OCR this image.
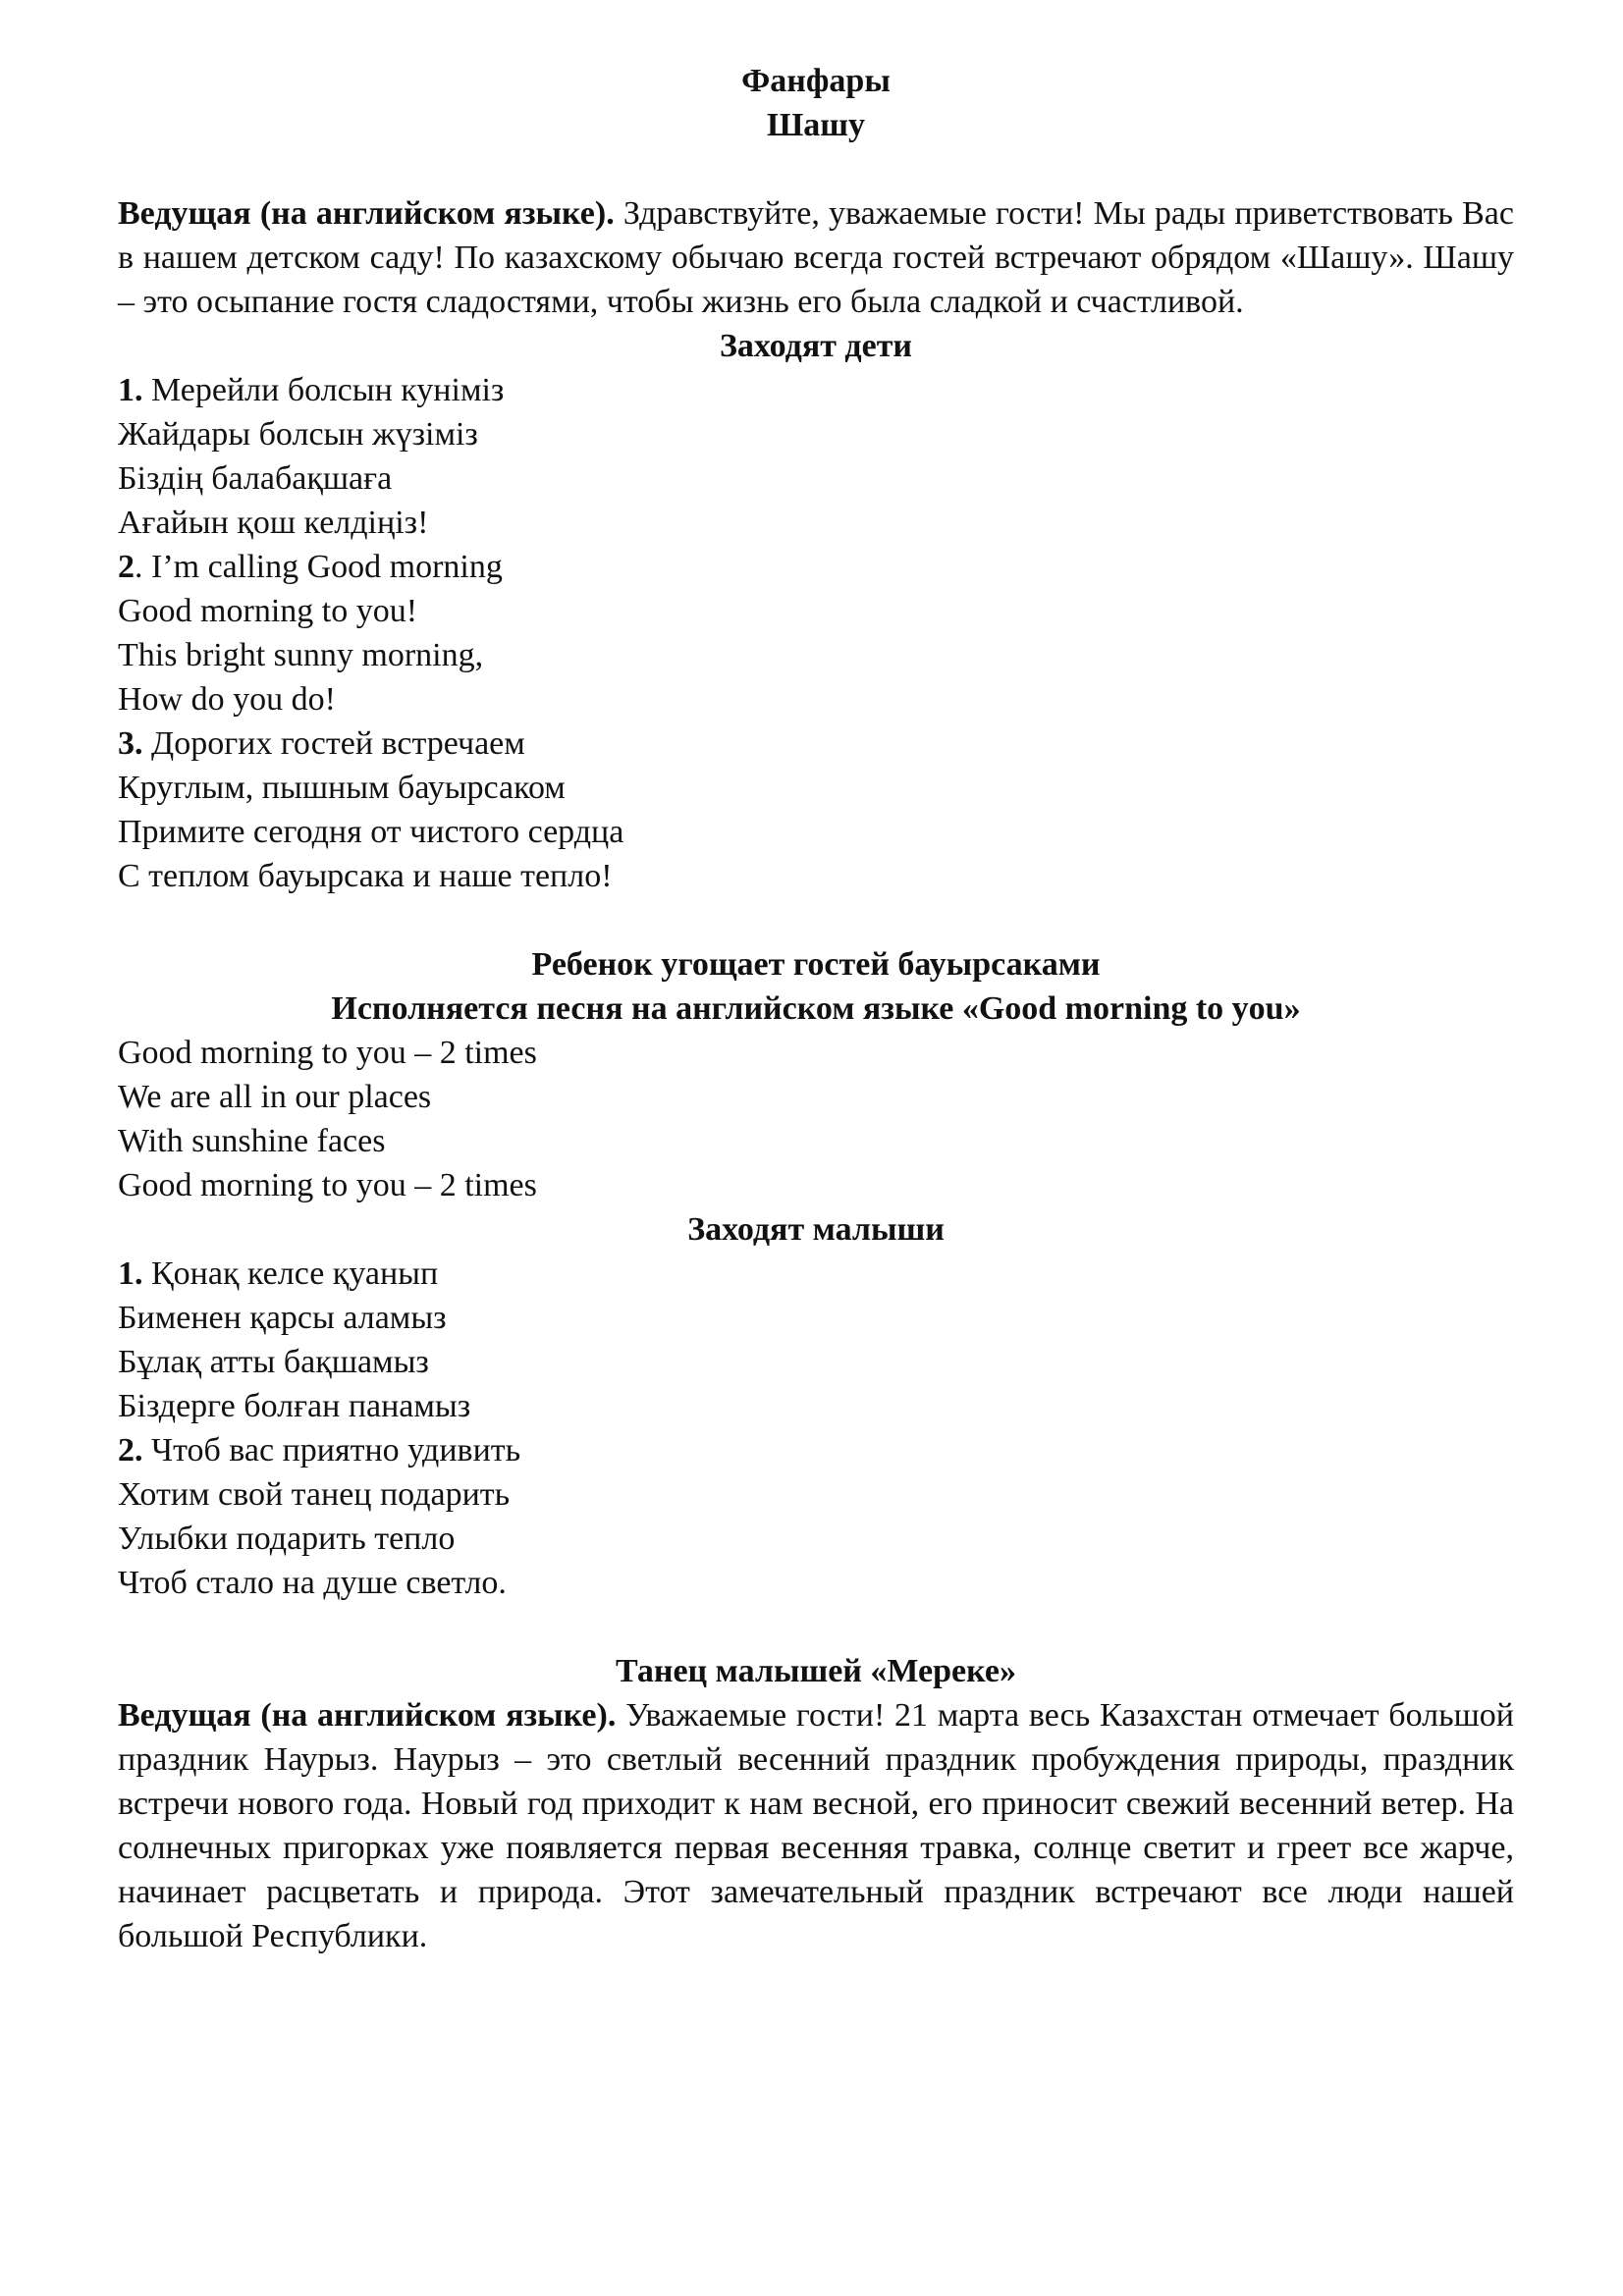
Фанфары

Шашу

Ведущая (на английском языке). Здравствуйте, уважаемые гости! Мы рады приветствовать Вас в нашем детском саду! По казахскому обычаю всегда гостей встречают обрядом «Шашу». Шашу – это осыпание гостя сладостями, чтобы жизнь его была сладкой и счастливой.

Заходят дети

1. Мерейли болсын куніміз

Жайдары болсын жүзіміз

Біздің балабақшаға

Ағайын қош келдіңіз!

2. I’m calling Good morning

Good morning to you!

This bright sunny morning,

How do you do!

3. Дорогих гостей встречаем

Круглым, пышным бауырсаком

Примите сегодня от чистого сердца

С теплом бауырсака и наше тепло!

Ребенок угощает гостей бауырсаками

Исполняется песня на английском языке «Good morning to you»

Good morning to you – 2 times

We are all in our places

With sunshine faces

Good morning to you – 2 times

Заходят малыши

1. Қонақ келсе қуанып

Бименен қарсы аламыз

Бұлақ атты бақшамыз

Біздерге болған панамыз

2. Чтоб вас приятно удивить

Хотим свой танец подарить

Улыбки подарить тепло

Чтоб стало на душе светло.

Танец малышей «Мереке»

Ведущая (на английском языке). Уважаемые гости! 21 марта весь Казахстан отмечает большой праздник Наурыз. Наурыз – это светлый весенний праздник пробуждения природы, праздник встречи нового года. Новый год приходит к нам весной, его приносит свежий весенний ветер. На солнечных пригорках уже появляется первая весенняя травка, солнце светит и греет все жарче, начинает расцветать и природа. Этот замечательный праздник встречают все люди нашей большой Республики.
